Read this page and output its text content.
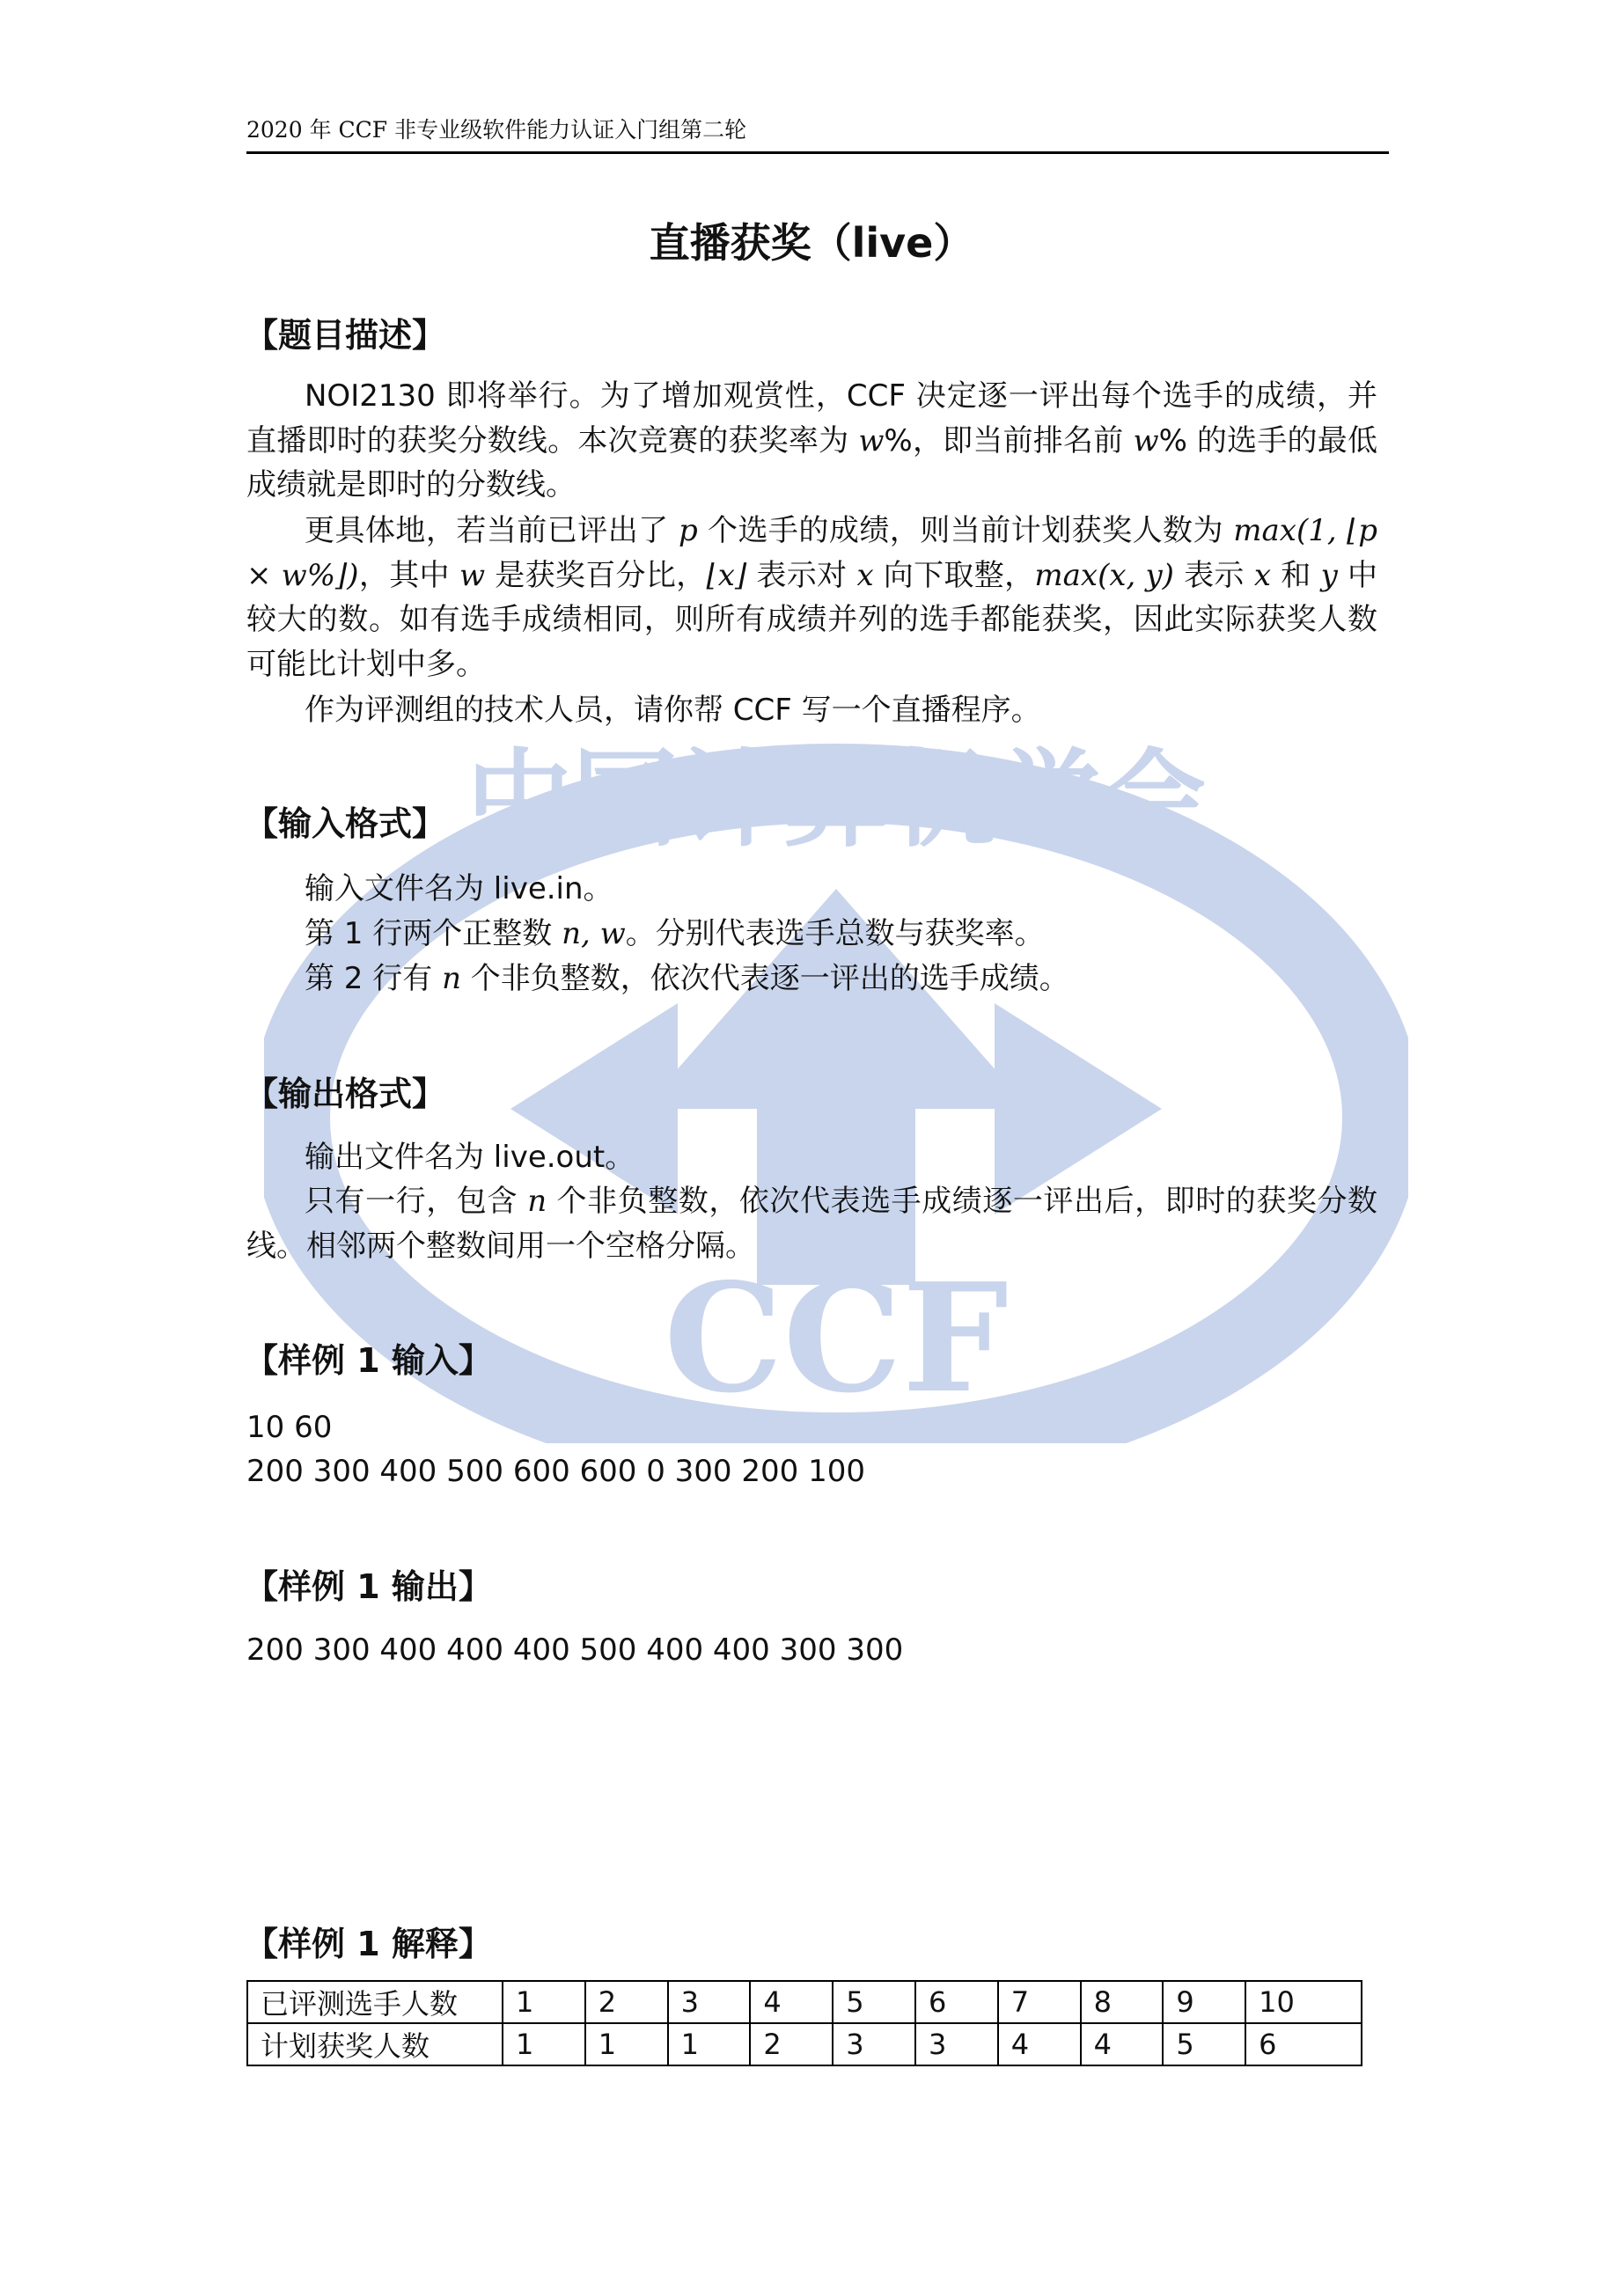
中国计算机学会
CCF
2020 年 CCF 非专业级软件能力认证入门组第二轮
直播获奖（live）
【题目描述】
NOI2130 即将举行。为了增加观赏性，CCF 决定逐一评出每个选手的成绩，并直播即时的获奖分数线。本次竞赛的获奖率为 w%，即当前排名前 w% 的选手的最低成绩就是即时的分数线。
更具体地，若当前已评出了 p 个选手的成绩，则当前计划获奖人数为 max(1, ⌊p × w%⌋)，其中 w 是获奖百分比，⌊x⌋ 表示对 x 向下取整，max(x, y) 表示 x 和 y 中较大的数。如有选手成绩相同，则所有成绩并列的选手都能获奖，因此实际获奖人数可能比计划中多。
作为评测组的技术人员，请你帮 CCF 写一个直播程序。
【输入格式】
输入文件名为 live.in。
第 1 行两个正整数 n, w。分别代表选手总数与获奖率。
第 2 行有 n 个非负整数，依次代表逐一评出的选手成绩。
【输出格式】
输出文件名为 live.out。
只有一行，包含 n 个非负整数，依次代表选手成绩逐一评出后，即时的获奖分数线。相邻两个整数间用一个空格分隔。
【样例 1 输入】
10 60
200 300 400 500 600 600 0 300 200 100
【样例 1 输出】
200 300 400 400 400 500 400 400 300 300
【样例 1 解释】
已评测选手人数	1	2	3	4	5	6	7	8	9	10
计划获奖人数	1	1	1	2	3	3	4	4	5	6
